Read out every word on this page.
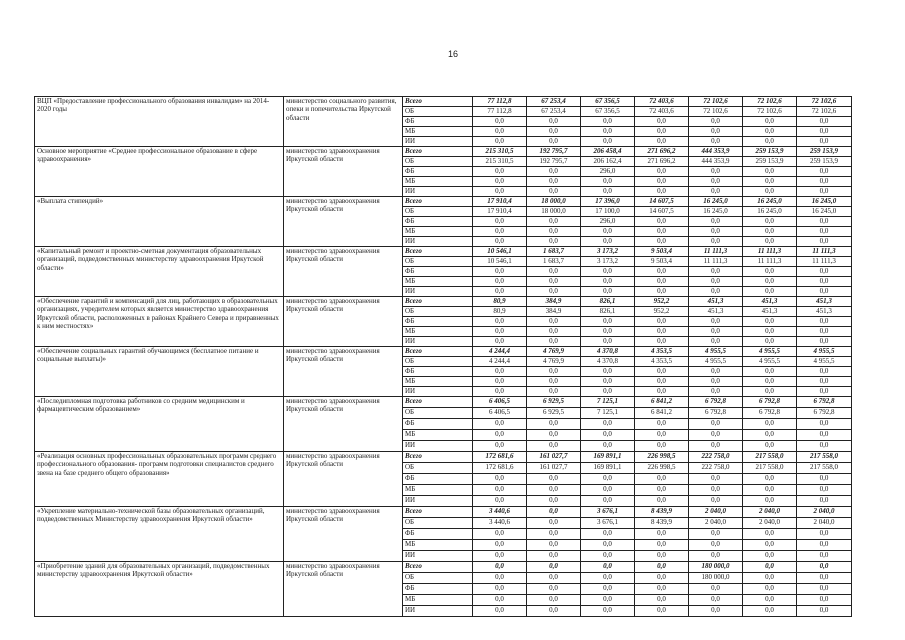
16
ВЦП «Предоставление профессионального образования инвалидам» на 2014-2020 годы	министерство социального развития, опеки и попечительства Иркутской области	Всего	77 112,8	67 253,4	67 356,5	72 403,6	72 102,6	72 102,6	72 102,6
		ОБ	77 112,8	67 253,4	67 356,5	72 403,6	72 102,6	72 102,6	72 102,6
		ФБ	0,0	0,0	0,0	0,0	0,0	0,0	0,0
		МБ	0,0	0,0	0,0	0,0	0,0	0,0	0,0
		ИИ	0,0	0,0	0,0	0,0	0,0	0,0	0,0
Основное мероприятие «Среднее профессиональное образование в сфере здравоохранения»	министерство здравоохранения Иркутской области	Всего	215 310,5	192 795,7	206 458,4	271 696,2	444 353,9	259 153,9	259 153,9
		ОБ	215 310,5	192 795,7	206 162,4	271 696,2	444 353,9	259 153,9	259 153,9
		ФБ	0,0	0,0	296,0	0,0	0,0	0,0	0,0
		МБ	0,0	0,0	0,0	0,0	0,0	0,0	0,0
		ИИ	0,0	0,0	0,0	0,0	0,0	0,0	0,0
«Выплата стипендий»	министерство здравоохранения Иркутской области	Всего	17 910,4	18 000,0	17 396,0	14 607,5	16 245,0	16 245,0	16 245,0
		ОБ	17 910,4	18 000,0	17 100,0	14 607,5	16 245,0	16 245,0	16 245,0
		ФБ	0,0	0,0	296,0	0,0	0,0	0,0	0,0
		МБ	0,0	0,0	0,0	0,0	0,0	0,0	0,0
		ИИ	0,0	0,0	0,0	0,0	0,0	0,0	0,0
«Капитальный ремонт и проектно-сметная документация образовательных организаций, подведомственных министерству здравоохранения Иркутской области»	министерство здравоохранения Иркутской области	Всего	10 546,1	1 683,7	3 173,2	9 503,4	11 111,3	11 111,3	11 111,3
		ОБ	10 546,1	1 683,7	3 173,2	9 503,4	11 111,3	11 111,3	11 111,3
		ФБ	0,0	0,0	0,0	0,0	0,0	0,0	0,0
		МБ	0,0	0,0	0,0	0,0	0,0	0,0	0,0
		ИИ	0,0	0,0	0,0	0,0	0,0	0,0	0,0
«Обеспечение гарантий и компенсаций для лиц, работающих в образовательных организациях, учредителем которых является министерство здравоохранения Иркутской области, расположенных в районах Крайнего Севера и приравненных к ним местностях»	министерство здравоохранения Иркутской области	Всего	80,9	384,9	826,1	952,2	451,3	451,3	451,3
		ОБ	80,9	384,9	826,1	952,2	451,3	451,3	451,3
		ФБ	0,0	0,0	0,0	0,0	0,0	0,0	0,0
		МБ	0,0	0,0	0,0	0,0	0,0	0,0	0,0
		ИИ	0,0	0,0	0,0	0,0	0,0	0,0	0,0
«Обеспечение социальных гарантий обучающимся (бесплатное питание и социальные выплаты)»	министерство здравоохранения Иркутской области	Всего	4 244,4	4 769,9	4 370,8	4 353,5	4 955,5	4 955,5	4 955,5
		ОБ	4 244,4	4 769,9	4 370,8	4 353,5	4 955,5	4 955,5	4 955,5
		ФБ	0,0	0,0	0,0	0,0	0,0	0,0	0,0
		МБ	0,0	0,0	0,0	0,0	0,0	0,0	0,0
		ИИ	0,0	0,0	0,0	0,0	0,0	0,0	0,0
«Последипломная подготовка работников со средним медицинским и фармацевтическим образованием»	министерство здравоохранения Иркутской области	Всего	6 406,5	6 929,5	7 125,1	6 841,2	6 792,8	6 792,8	6 792,8
		ОБ	6 406,5	6 929,5	7 125,1	6 841,2	6 792,8	6 792,8	6 792,8
		ФБ	0,0	0,0	0,0	0,0	0,0	0,0	0,0
		МБ	0,0	0,0	0,0	0,0	0,0	0,0	0,0
		ИИ	0,0	0,0	0,0	0,0	0,0	0,0	0,0
«Реализация основных профессиональных образовательных программ среднего профессионального образования- программ подготовки специалистов среднего звена на базе среднего общего образования»	министерство здравоохранения Иркутской области	Всего	172 681,6	161 027,7	169 891,1	226 998,5	222 758,0	217 558,0	217 558,0
		ОБ	172 681,6	161 027,7	169 891,1	226 998,5	222 758,0	217 558,0	217 558,0
		ФБ	0,0	0,0	0,0	0,0	0,0	0,0	0,0
		МБ	0,0	0,0	0,0	0,0	0,0	0,0	0,0
		ИИ	0,0	0,0	0,0	0,0	0,0	0,0	0,0
«Укрепление материально-технической базы образовательных организаций, подведомственных Министерству здравоохранения Иркутской области»	министерство здравоохранения Иркутской области	Всего	3 440,6	0,0	3 676,1	8 439,9	2 040,0	2 040,0	2 040,0
		ОБ	3 440,6	0,0	3 676,1	8 439,9	2 040,0	2 040,0	2 040,0
		ФБ	0,0	0,0	0,0	0,0	0,0	0,0	0,0
		МБ	0,0	0,0	0,0	0,0	0,0	0,0	0,0
		ИИ	0,0	0,0	0,0	0,0	0,0	0,0	0,0
«Приобретение зданий для образовательных организаций, подведомственных министерству здравоохранения Иркутской области»	министерство здравоохранения Иркутской области	Всего	0,0	0,0	0,0	0,0	180 000,0	0,0	0,0
		ОБ	0,0	0,0	0,0	0,0	180 000,0	0,0	0,0
		ФБ	0,0	0,0	0,0	0,0	0,0	0,0	0,0
		МБ	0,0	0,0	0,0	0,0	0,0	0,0	0,0
		ИИ	0,0	0,0	0,0	0,0	0,0	0,0	0,0
